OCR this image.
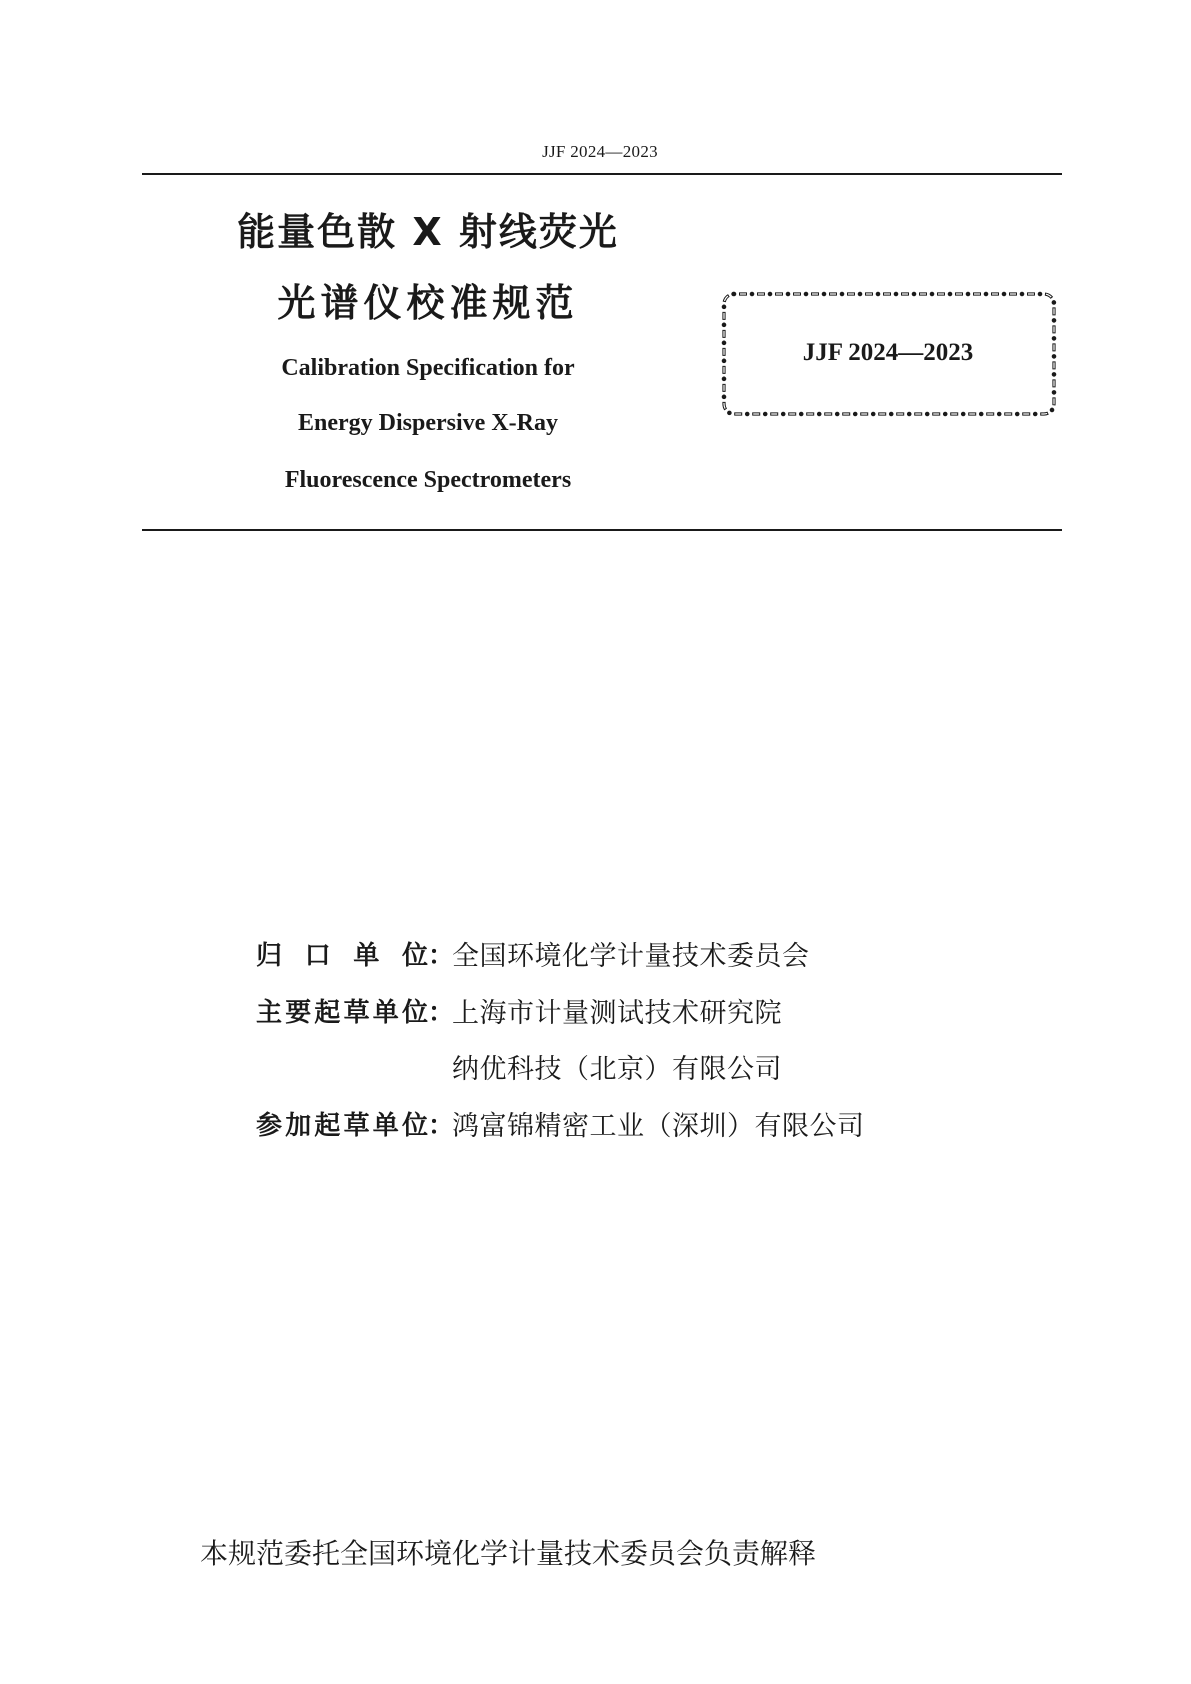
JJF 2024—2023
能量色散 X 射线荧光
光谱仪校准规范
Calibration Specification for
Energy Dispersive X-Ray
Fluorescence Spectrometers
JJF 2024—2023
归 口 单 位 ：
全国环境化学计量技术委员会
主要起草单位 ：
上海市计量测试技术研究院
纳优科技（北京）有限公司
参加起草单位 ：
鸿富锦精密工业（深圳）有限公司
本规范委托全国环境化学计量技术委员会负责解释
